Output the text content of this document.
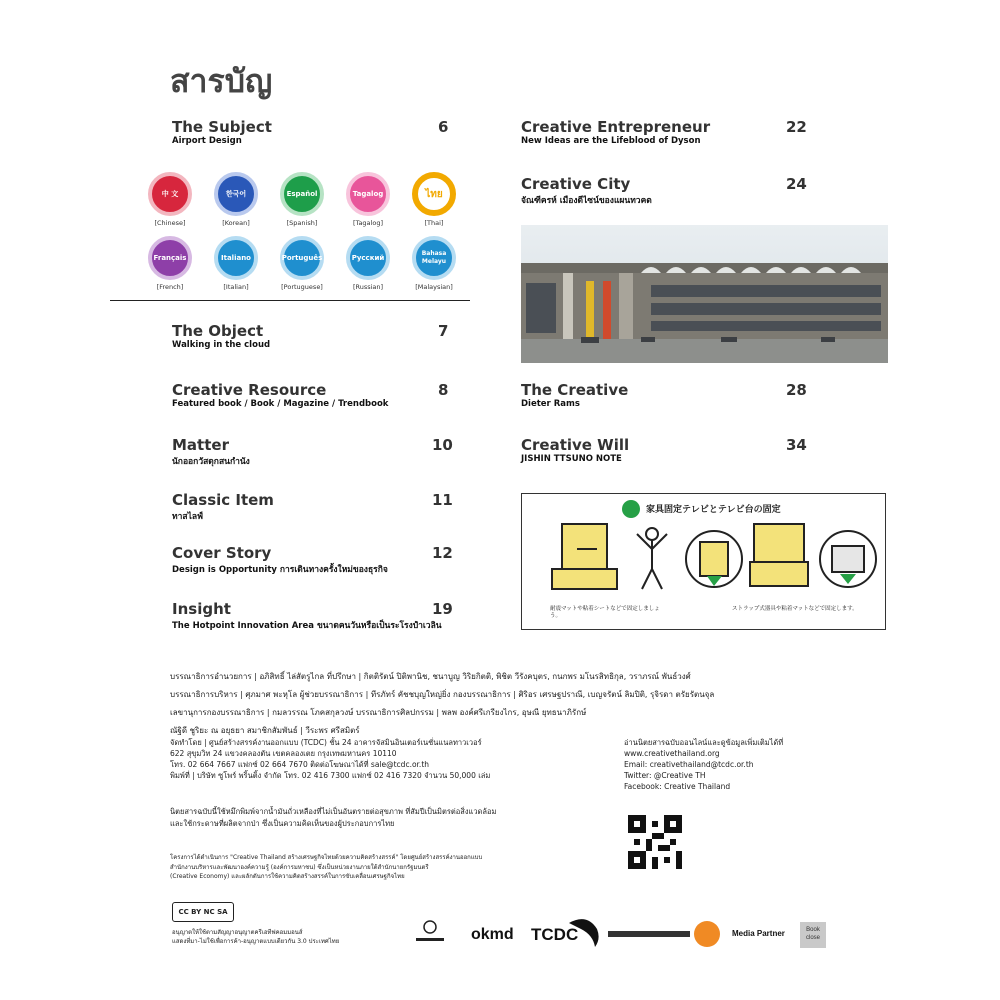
สารบัญ
The Subject
Airport Design
6
中 文
[Chinese]
한국어
[Korean]
Español
[Spanish]
Tagalog
[Tagalog]
ไทย
[Thai]
Français
[French]
Italiano
[Italian]
Português
[Portuguese]
Русский
[Russian]
Bahasa Melayu
[Malaysian]
The Object
Walking in the cloud
7
Creative Resource
Featured book / Book / Magazine / Trendbook
8
Matter
นักออกวัสดุกสนกำนัง
10
Classic Item
ทาสไลฟ์
11
Cover Story
Design is Opportunity การเดินทางครั้งใหม่ของธุรกิจ
12
Insight
The Hotpoint Innovation Area ขนาดคนวันหรือเป็นระโรงปำเวลิน
19
Creative Entrepreneur
New Ideas are the Lifeblood of Dyson
22
Creative City
จัณฑีครห์ เมืองดีไซน์ของแผนทวคต
24
The Creative
Dieter Rams
28
Creative Will
JISHIN TTSUNO NOTE
34
家具固定テレビとテレビ台の固定
耐震マットや粘着シートなどで固定しましょう。
ストラップ式器具や粘着マットなどで固定します。

บรรณาธิการอำนวยการ | อภิสิทธิ์ ไล่สัตรูไกล ที่ปรึกษา | กิตติรัตน์ ปิติพานิช, ชนาบูญ วิริยกิตติ, พิชิต วีรังคบุตร, กนกพร มโนรสิทธิกุล, วราภรณ์ พันธ์วงศ์

บรรณาธิการบริหาร | ศุภมาศ พะหุโล ผู้ช่วยบรรณาธิการ | ทีรภัทร์ คัชชบุญใหญ่ยิ่ง กองบรรณาธิการ | ศิริอร เศรษฐปราณี, เบญจรัตน์ ลิมปิติ, รุจิรดา ตรัยรัตนจุล

เลขานุการกองบรรณาธิการ | กมลวรรณ โภคสกุลวงษ์ บรรณาธิการศิลปกรรม | พลพ องค์ศรีเกรียงไกร, อุษณี ยุทธนาภิรักษ์

ณัฐิดี ชูริยะ ณ อยุธยา สมาชิกสัมพันธ์ | วีระพร ศรีสมิตร์

จัดทำโดย | ศูนย์สร้างสรรค์งานออกแบบ (TCDC) ชั้น 24 อาคารจัสมินอินเตอร์เนชั่นแนลทาวเวอร์
622 สุขุมวิท 24 แขวงคลองตัน เขตคลองเตย กรุงเทพมหานคร 10110
โทร. 02 664 7667 แฟกซ์ 02 664 7670 ติดต่อโฆษณาได้ที่ sale@tcdc.or.th
พิมพ์ที่ | บริษัท ซูโพร์ พริ้นติ้ง จำกัด โทร. 02 416 7300 แฟกซ์ 02 416 7320 จำนวน 50,000 เล่ม
นิตยสารฉบับนี้ใช้หมึกพิมพ์จากน้ำมันถั่วเหลืองที่ไม่เป็นอันตรายต่อสุขภาพ ที่สัมปีเป็นมิตรต่อสิ่งแวดล้อม
และใช้กระดาษที่ผลิตจากป่า ซึ่งเป็นความคิดเห็นของผู้ประกอบการไทย
โครงการได้ดำเนินการ "Creative Thailand สร้างเศรษฐกิจไทยด้วยความคิดสร้างสรรค์" โดยศูนย์สร้างสรรค์งานออกแบบ
สำนักงานบริหารและพัฒนาองค์ความรู้ (องค์การมหาชน) ซึ่งเป็นหน่วยงานภายใต้สำนักนายกรัฐมนตรี
(Creative Economy) และผลักดันการใช้ความคิดสร้างสรรค์ในการขับเคลื่อนเศรษฐกิจไทย
อ่านนิตยสารฉบับออนไลน์และดูข้อมูลเพิ่มเติมได้ที่
www.creativethailand.org
Email: creativethailand@tcdc.or.th
Twitter: @Creative TH
Facebook: Creative Thailand
CC BY NC SA
อนุญาตให้ใช้ตามสัญญาอนุญาตครีเอทีฟคอมมอนส์
แสดงที่มา-ไม่ใช้เพื่อการค้า-อนุญาตแบบเดียวกัน 3.0 ประเทศไทย	okmd TCDC	Media Partner	Book close
